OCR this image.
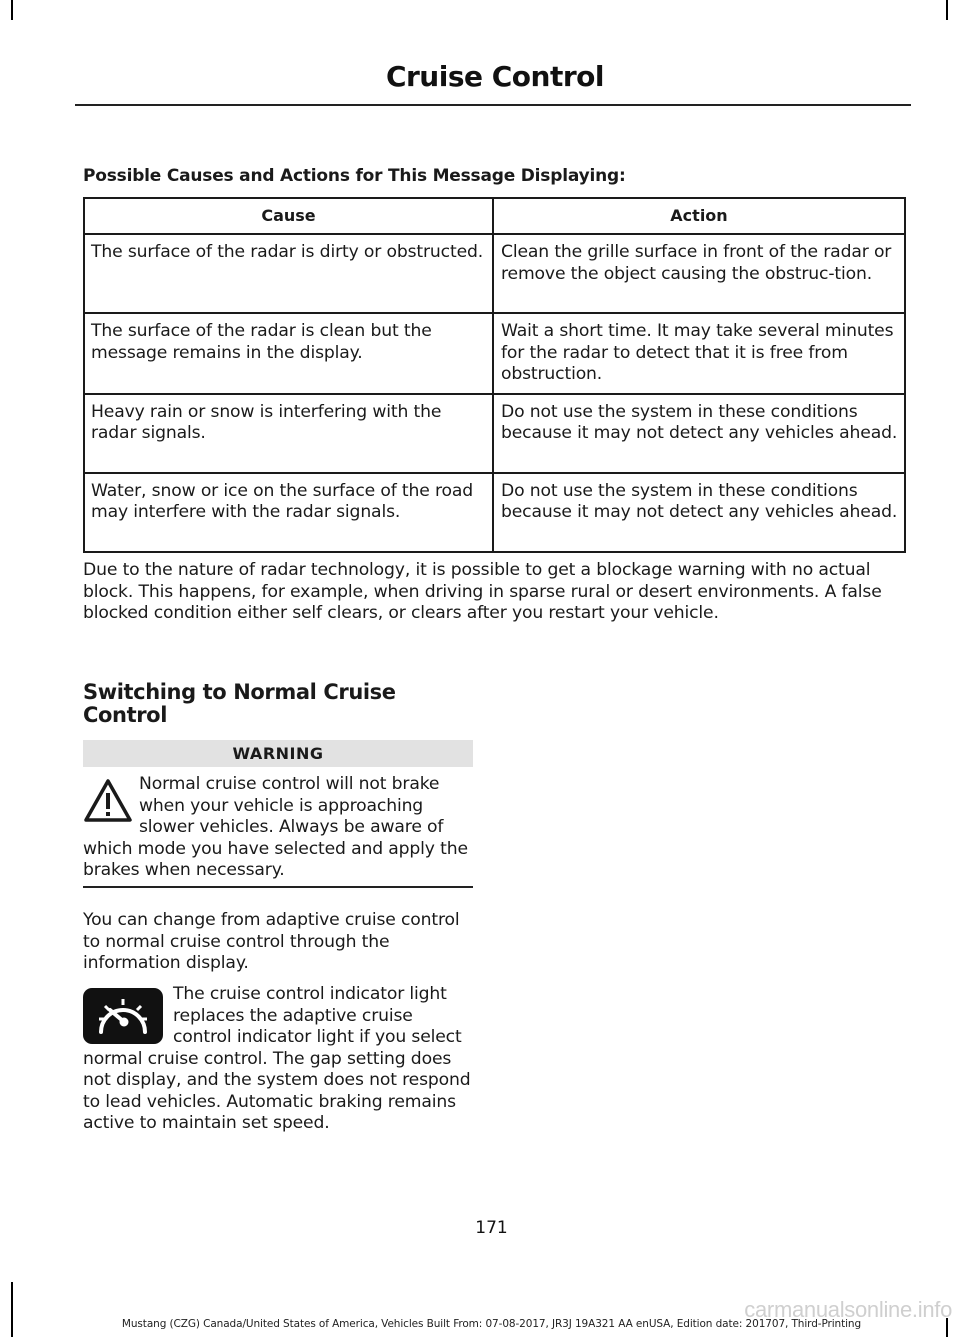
Cruise Control

Possible Causes and Actions for This Message Displaying:

Cause	Action
The surface of the radar is dirty or obstructed.	Clean the grille surface in front of the radar or remove the object causing the obstruc-tion.
The surface of the radar is clean but the message remains in the display.	Wait a short time. It may take several minutes for the radar to detect that it is free from obstruction.
Heavy rain or snow is interfering with the radar signals.	Do not use the system in these conditions because it may not detect any vehicles ahead.
Water, snow or ice on the surface of the road may interfere with the radar signals.	Do not use the system in these conditions because it may not detect any vehicles ahead.

Due to the nature of radar technology, it is possible to get a blockage warning with no actual block. This happens, for example, when driving in sparse rural or desert environments. A false blocked condition either self clears, or clears after you restart your vehicle.

Switching to Normal Cruise Control
WARNING

Normal cruise control will not brake when your vehicle is approaching slower vehicles. Always be aware of which mode you have selected and apply the brakes when necessary.

You can change from adaptive cruise control to normal cruise control through the information display.

The cruise control indicator light replaces the adaptive cruise control indicator light if you select normal cruise control. The gap setting does not display, and the system does not respond to lead vehicles. Automatic braking remains active to maintain set speed.

171
Mustang (CZG) Canada/United States of America, Vehicles Built From: 07-08-2017, JR3J 19A321 AA enUSA, Edition date: 201707, Third-Printing
carmanualsonline.info
